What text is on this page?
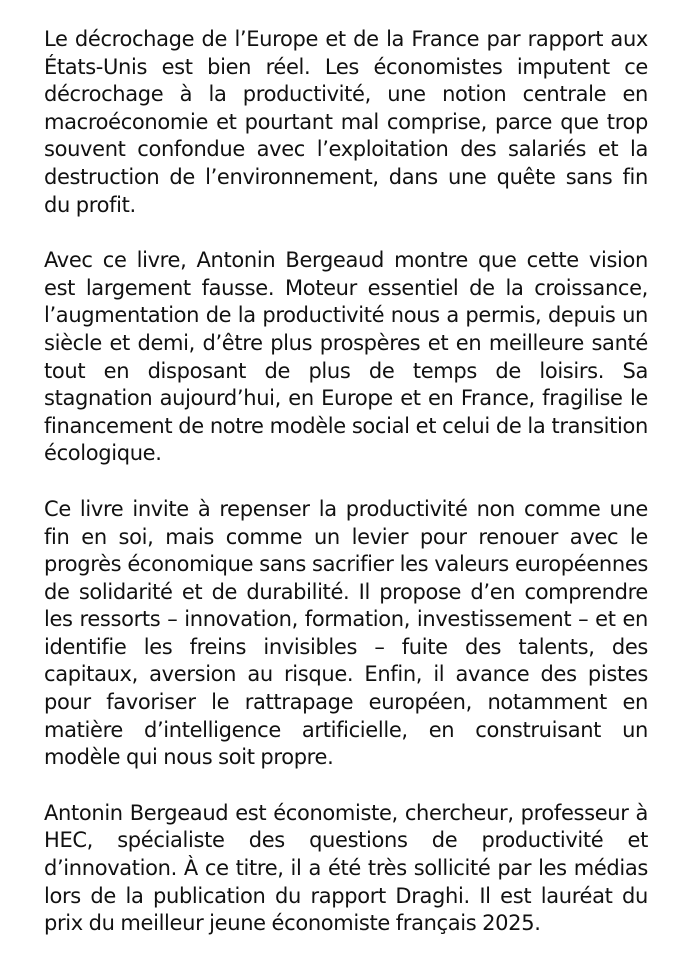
Le décrochage de l’Europe et de la France par rapport aux États-Unis est bien réel. Les économistes imputent ce décrochage à la productivité, une notion centrale en macroéconomie et pourtant mal comprise, parce que trop souvent confondue avec l’exploitation des salariés et la destruction de l’environnement, dans une quête sans fin du profit.

Avec ce livre, Antonin Bergeaud montre que cette vision est largement fausse. Moteur essentiel de la croissance, l’augmentation de la productivité nous a permis, depuis un siècle et demi, d’être plus prospères et en meilleure santé tout en disposant de plus de temps de loisirs. Sa stagnation aujourd’hui, en Europe et en France, fragilise le financement de notre modèle social et celui de la transition écologique.

Ce livre invite à repenser la productivité non comme une fin en soi, mais comme un levier pour renouer avec le progrès économique sans sacrifier les valeurs européennes de solidarité et de durabilité. Il propose d’en comprendre les ressorts – innovation, formation, investissement – et en identifie les freins invisibles – fuite des talents, des capitaux, aversion au risque. Enfin, il avance des pistes pour favoriser le rattrapage européen, notamment en matière d’intelligence artificielle, en construisant un modèle qui nous soit propre.

Antonin Bergeaud est économiste, chercheur, professeur à HEC, spécialiste des questions de productivité et d’innovation. À ce titre, il a été très sollicité par les médias lors de la publication du rapport Draghi. Il est lauréat du prix du meilleur jeune économiste français 2025.
